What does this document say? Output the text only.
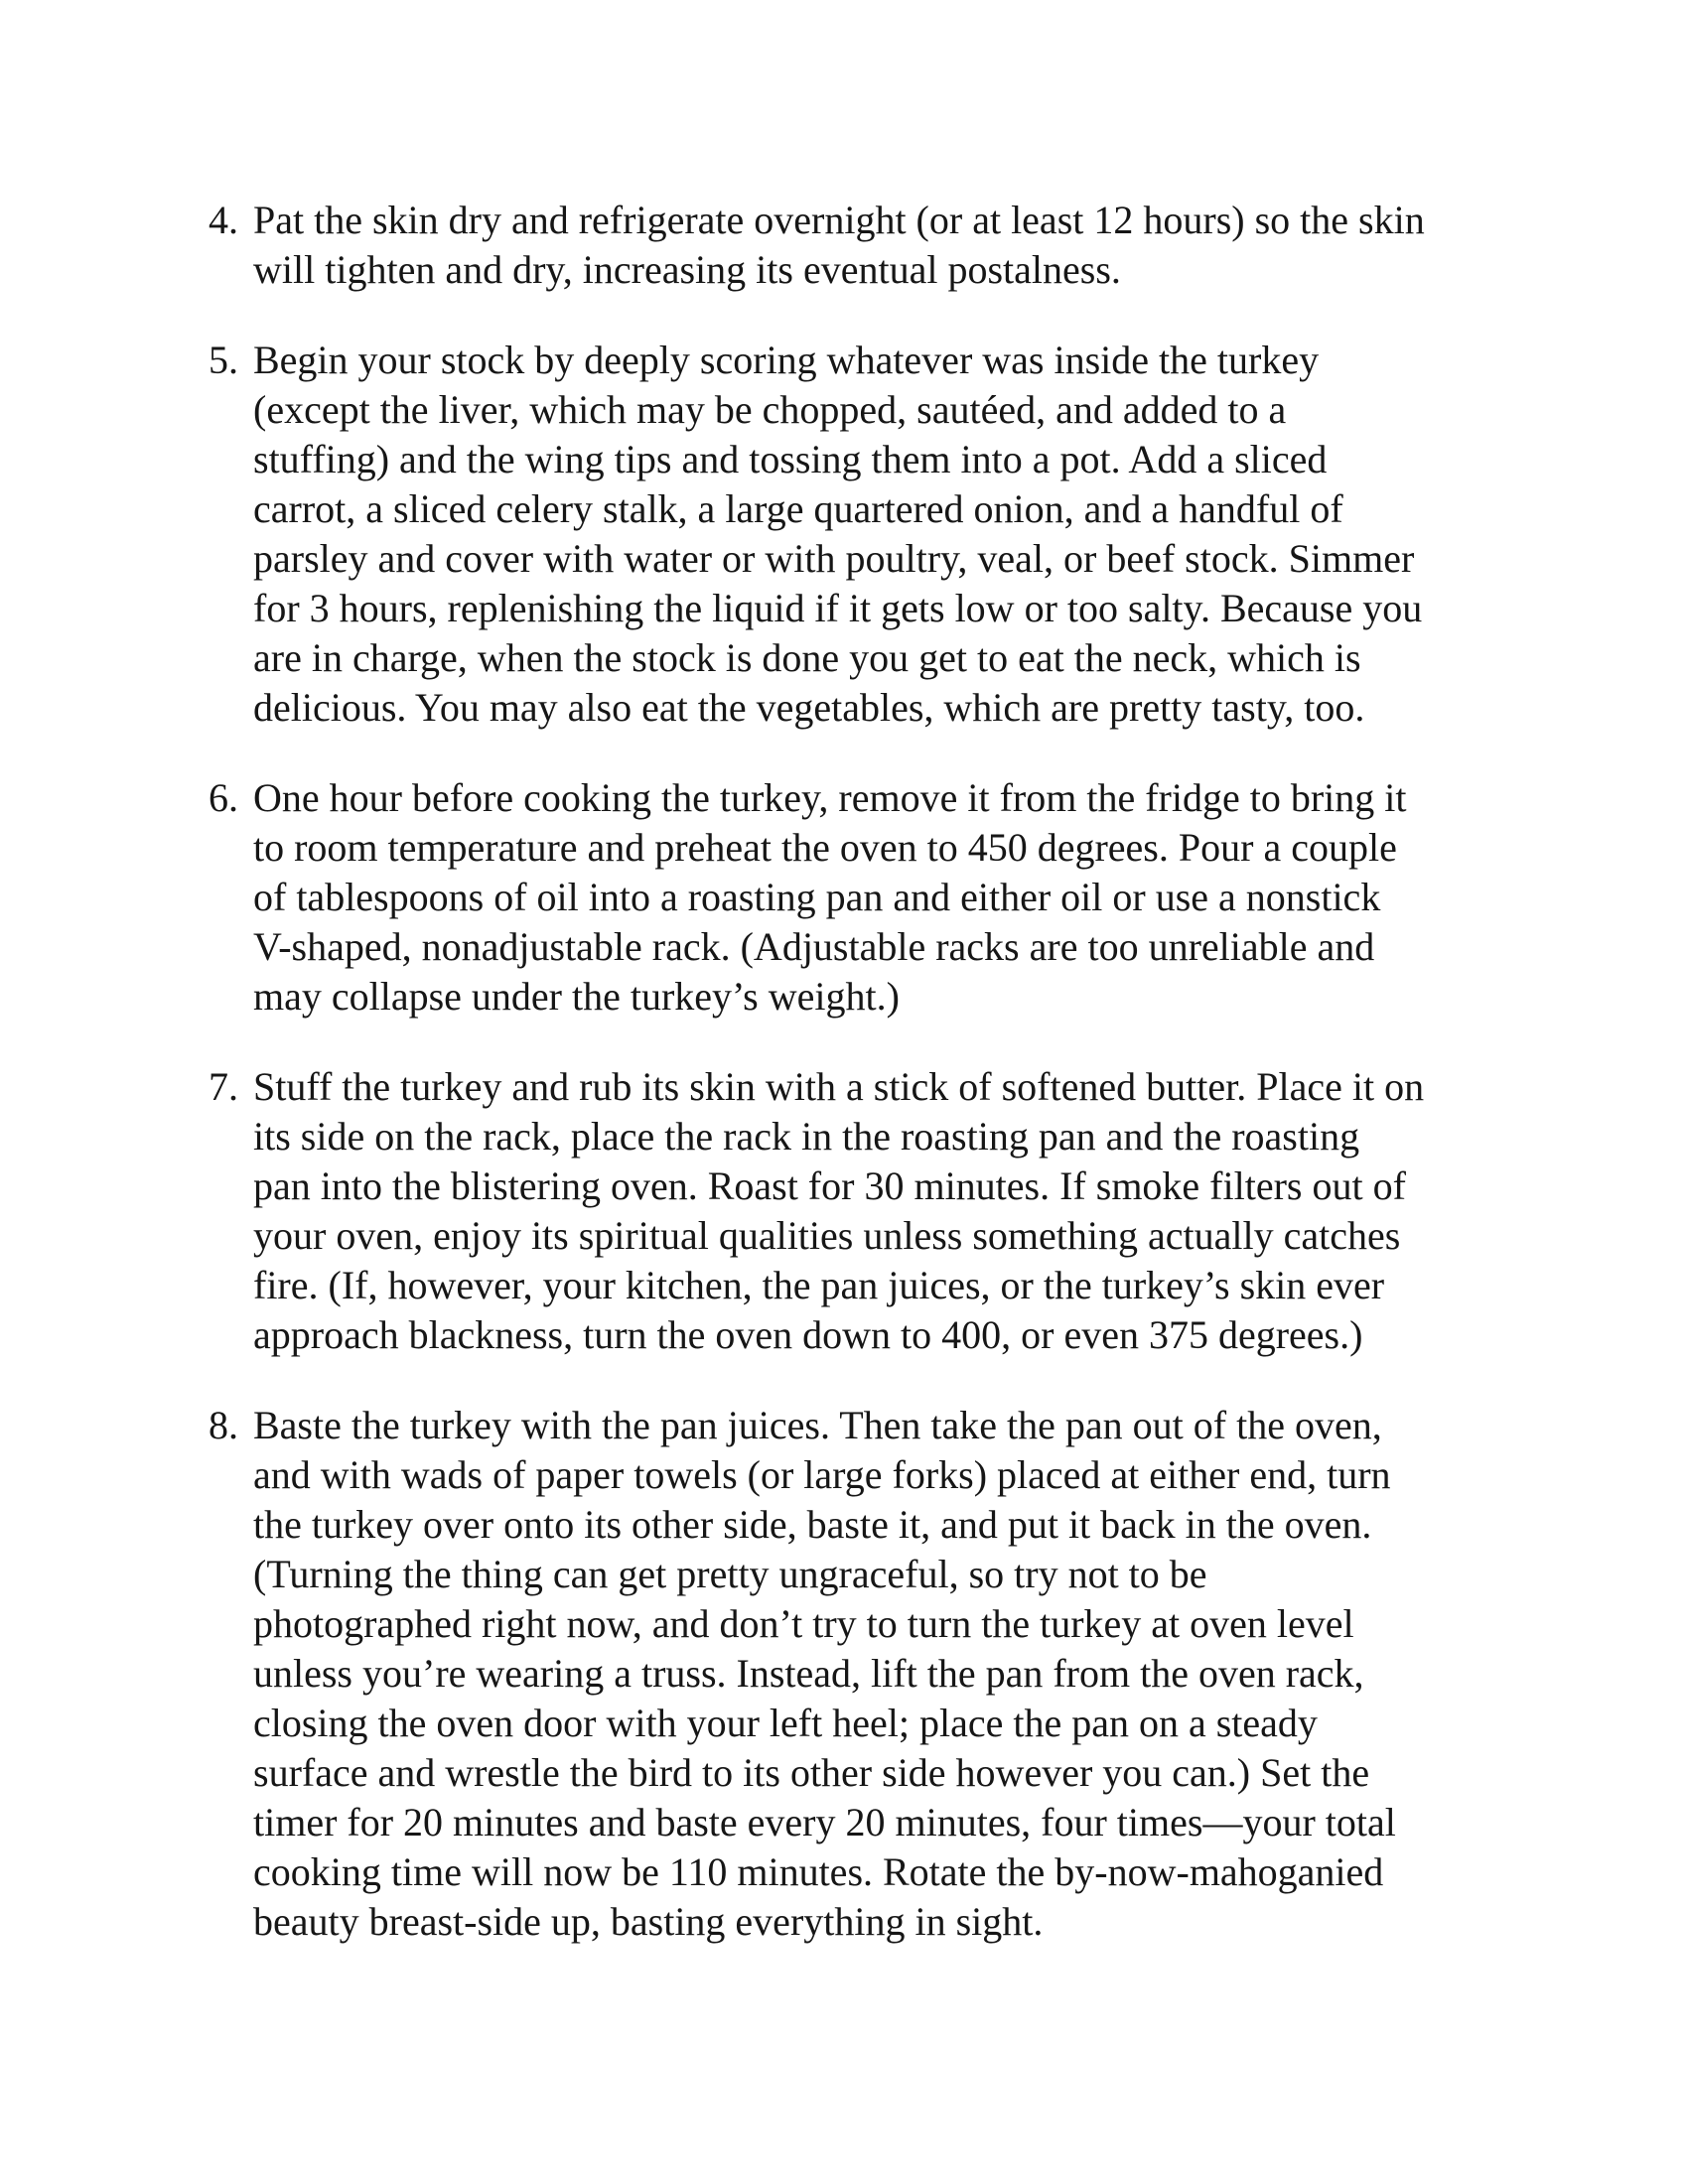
4. Pat the skin dry and refrigerate overnight (or at least 12 hours) so the skin
will tighten and dry, increasing its eventual postalness.
5. Begin your stock by deeply scoring whatever was inside the turkey
(except the liver, which may be chopped, sautéed, and added to a
stuffing) and the wing tips and tossing them into a pot. Add a sliced
carrot, a sliced celery stalk, a large quartered onion, and a handful of
parsley and cover with water or with poultry, veal, or beef stock. Simmer
for 3 hours, replenishing the liquid if it gets low or too salty. Because you
are in charge, when the stock is done you get to eat the neck, which is
delicious. You may also eat the vegetables, which are pretty tasty, too.
6. One hour before cooking the turkey, remove it from the fridge to bring it
to room temperature and preheat the oven to 450 degrees. Pour a couple
of tablespoons of oil into a roasting pan and either oil or use a nonstick
V-shaped, nonadjustable rack. (Adjustable racks are too unreliable and
may collapse under the turkey’s weight.)
7. Stuff the turkey and rub its skin with a stick of softened butter. Place it on
its side on the rack, place the rack in the roasting pan and the roasting
pan into the blistering oven. Roast for 30 minutes. If smoke filters out of
your oven, enjoy its spiritual qualities unless something actually catches
fire. (If, however, your kitchen, the pan juices, or the turkey’s skin ever
approach blackness, turn the oven down to 400, or even 375 degrees.)
8. Baste the turkey with the pan juices. Then take the pan out of the oven,
and with wads of paper towels (or large forks) placed at either end, turn
the turkey over onto its other side, baste it, and put it back in the oven.
(Turning the thing can get pretty ungraceful, so try not to be
photographed right now, and don’t try to turn the turkey at oven level
unless you’re wearing a truss. Instead, lift the pan from the oven rack,
closing the oven door with your left heel; place the pan on a steady
surface and wrestle the bird to its other side however you can.) Set the
timer for 20 minutes and baste every 20 minutes, four times—your total
cooking time will now be 110 minutes. Rotate the by-now-mahoganied
beauty breast-side up, basting everything in sight.
